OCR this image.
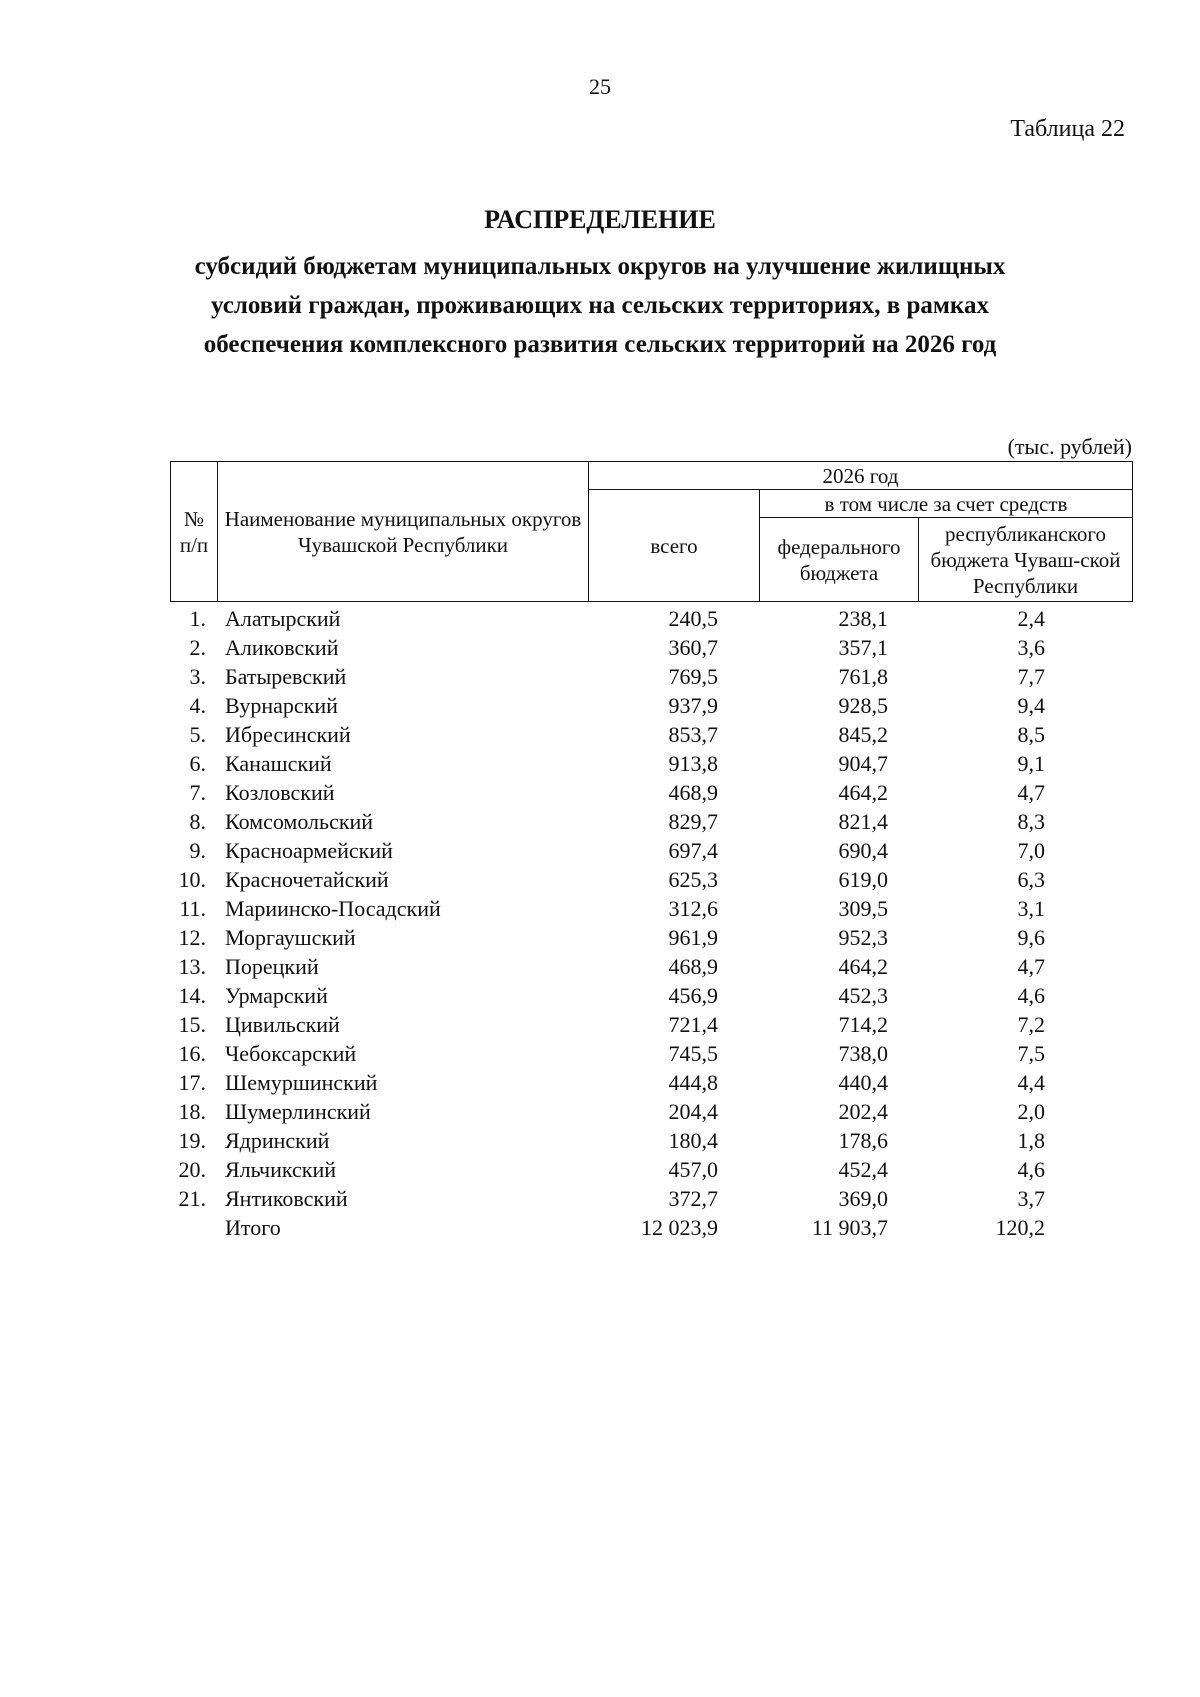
25
Таблица 22
РАСПРЕДЕЛЕНИЕ
субсидий бюджетам муниципальных округов на улучшение жилищных условий граждан, проживающих на сельских территориях, в рамках обеспечения комплексного развития сельских территорий на 2026 год
(тыс. рублей)
№ п/п	Наименование муниципальных округов Чувашской Республики	2026 год		
		всего	в том числе за счет средств	
			федерального бюджета	республиканского бюджета Чуваш-ской Республики
1. Алатырский	240,5	238,1	2,4
2. Аликовский	360,7	357,1	3,6
3. Батыревский	769,5	761,8	7,7
4. Вурнарский	937,9	928,5	9,4
5. Ибресинский	853,7	845,2	8,5
6. Канашский	913,8	904,7	9,1
7. Козловский	468,9	464,2	4,7
8. Комсомольский	829,7	821,4	8,3
9. Красноармейский	697,4	690,4	7,0
10. Красночетайский	625,3	619,0	6,3
11. Мариинско-Посадский	312,6	309,5	3,1
12. Моргаушский	961,9	952,3	9,6
13. Порецкий	468,9	464,2	4,7
14. Урмарский	456,9	452,3	4,6
15. Цивильский	721,4	714,2	7,2
16. Чебоксарский	745,5	738,0	7,5
17. Шемуршинский	444,8	440,4	4,4
18. Шумерлинский	204,4	202,4	2,0
19. Ядринский	180,4	178,6	1,8
20. Яльчикский	457,0	452,4	4,6
21. Янтиковский	372,7	369,0	3,7
Итого	12 023,9	11 903,7	120,2
